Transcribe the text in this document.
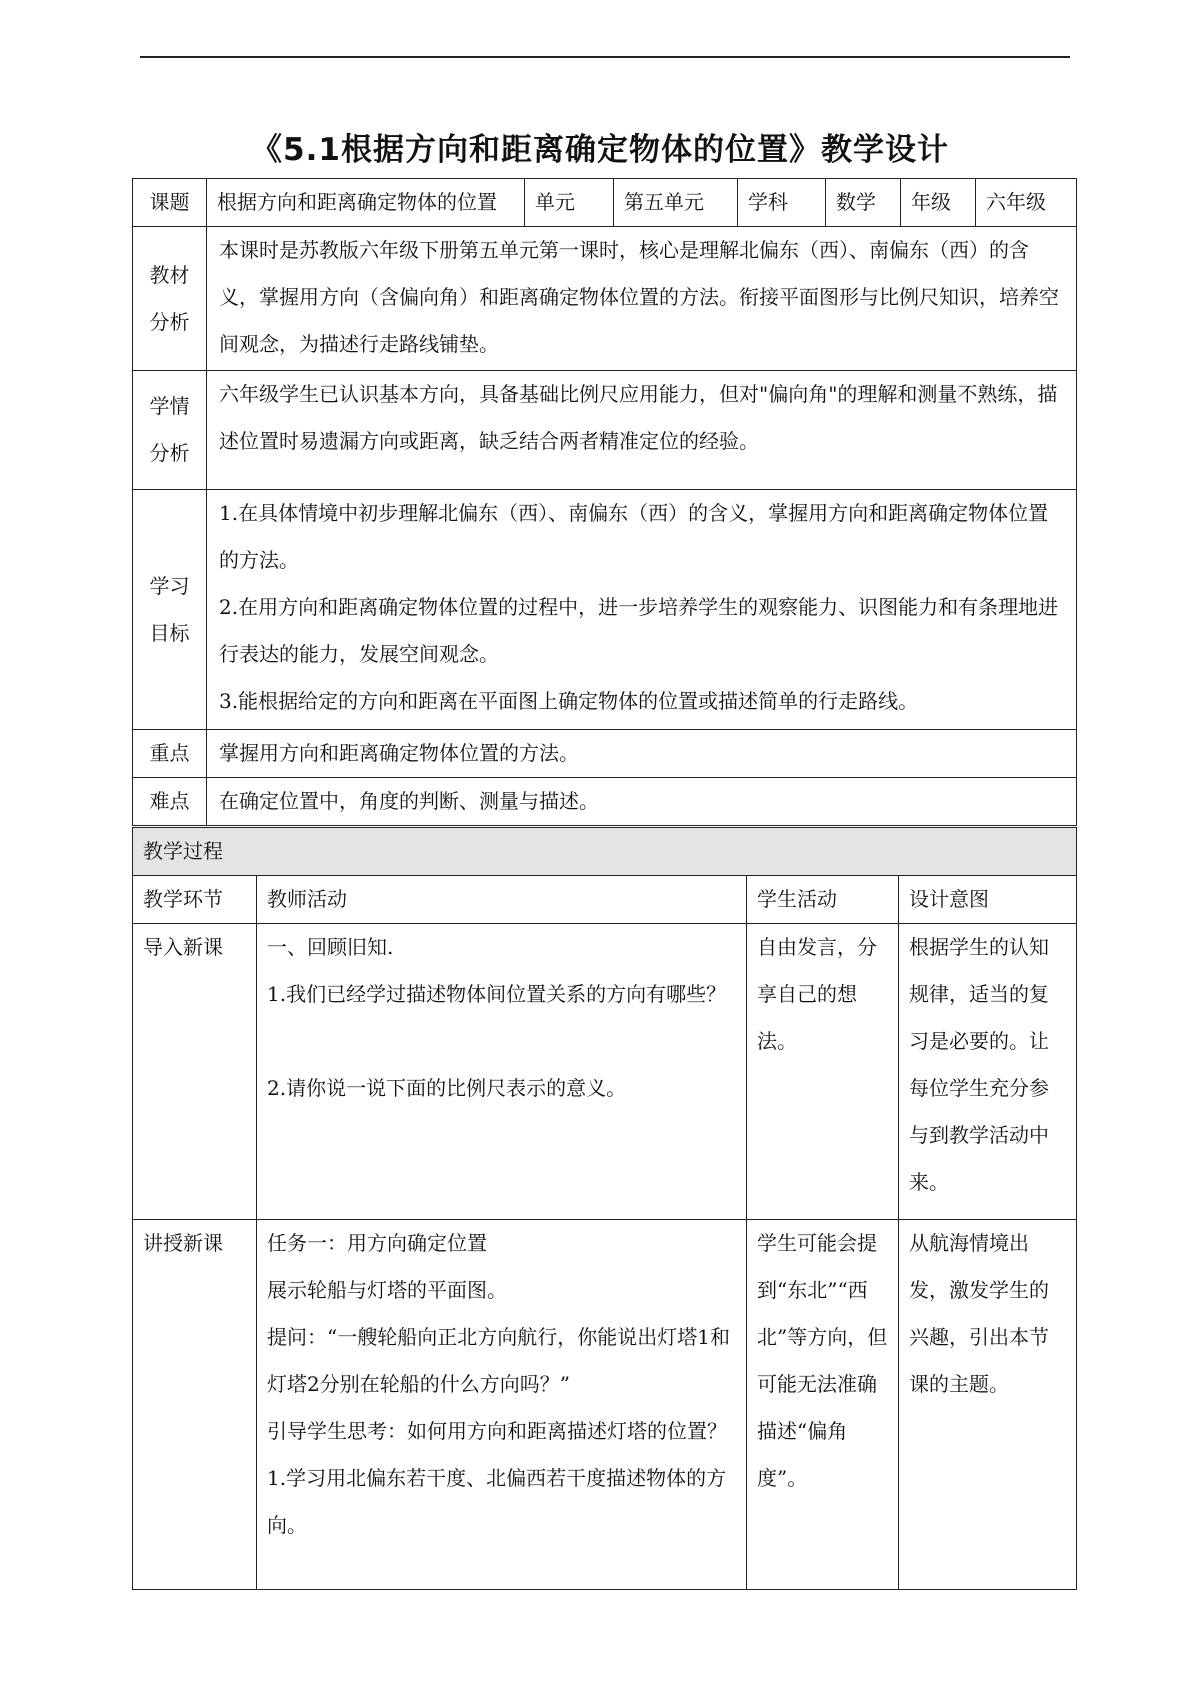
《5.1根据方向和距离确定物体的位置》教学设计
课题	根据方向和距离确定物体的位置	单元	第五单元	学科	数学	年级	六年级
教材分析	本课时是苏教版六年级下册第五单元第一课时，核心是理解北偏东（西）、南偏东（西）的含义，掌握用方向（含偏向角）和距离确定物体位置的方法。衔接平面图形与比例尺知识，培养空间观念，为描述行走路线铺垫。						
学情分析	六年级学生已认识基本方向，具备基础比例尺应用能力，但对"偏向角"的理解和测量不熟练，描述位置时易遗漏方向或距离，缺乏结合两者精准定位的经验。						
学习目标	1.在具体情境中初步理解北偏东（西）、南偏东（西）的含义，掌握用方向和距离确定物体位置的方法。
2.在用方向和距离确定物体位置的过程中，进一步培养学生的观察能力、识图能力和有条理地进行表达的能力，发展空间观念。
3.能根据给定的方向和距离在平面图上确定物体的位置或描述简单的行走路线。						

重点	掌握用方向和距离确定物体位置的方法。						
难点	在确定位置中，角度的判断、测量与描述。						
教学过程			
教学环节	教师活动	学生活动	设计意图
导入新课	一、回顾旧知.
1.我们已经学过描述物体间位置关系的方向有哪些？
2.请你说一说下面的比例尺表示的意义。	自由发言，分享自己的想法。	根据学生的认知规律，适当的复习是必要的。让每位学生充分参与到教学活动中来。
讲授新课	任务一：用方向确定位置
展示轮船与灯塔的平面图。
提问：“一艘轮船向正北方向航行，你能说出灯塔1和灯塔2分别在轮船的什么方向吗？”
引导学生思考：如何用方向和距离描述灯塔的位置？
1.学习用北偏东若干度、北偏西若干度描述物体的方向。	学生可能会提到“东北”“西北”等方向，但可能无法准确描述“偏角度”。	从航海情境出发，激发学生的兴趣，引出本节课的主题。
